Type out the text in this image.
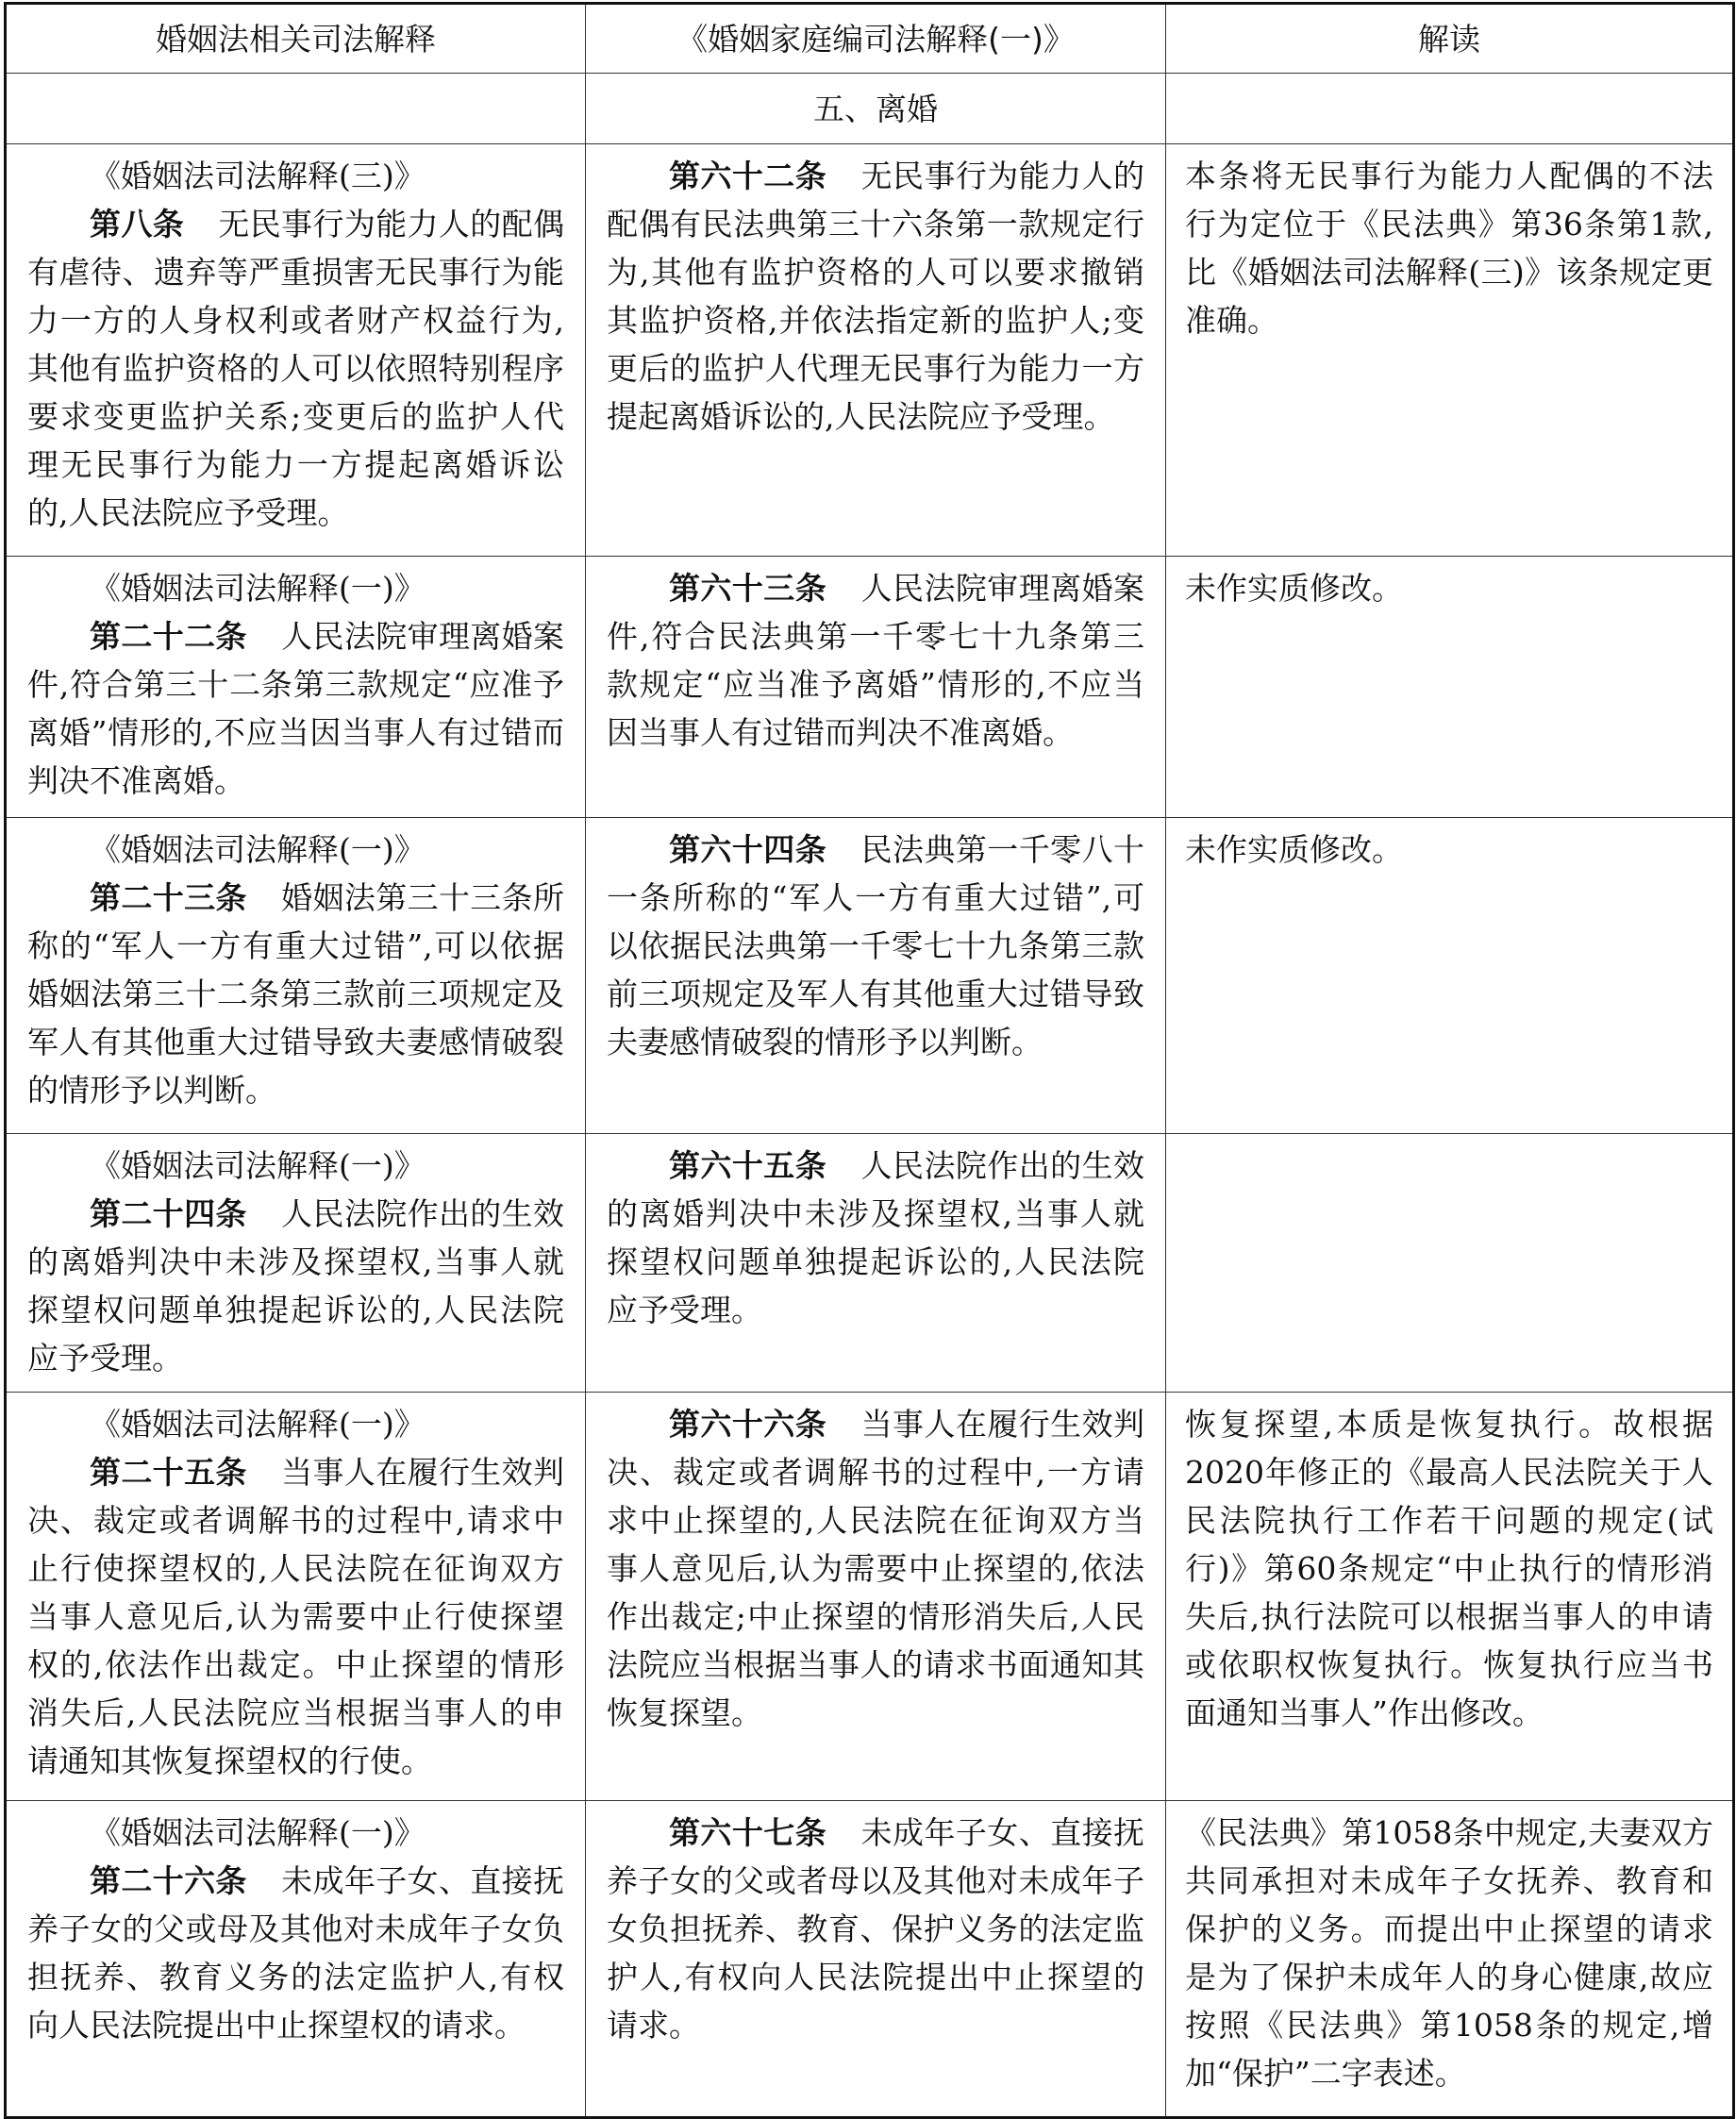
婚姻法相关司法解释	《婚姻家庭编司法解释(一)》	解读
	五、离婚	

《婚姻法司法解释(三)》

第八条 无民事行为能力人的配偶有虐待、遗弃等严重损害无民事行为能力一方的人身权利或者财产权益行为,其他有监护资格的人可以依照特别程序要求变更监护关系;变更后的监护人代理无民事行为能力一方提起离婚诉讼的,人民法院应予受理。	第六十二条 无民事行为能力人的配偶有民法典第三十六条第一款规定行为,其他有监护资格的人可以要求撤销其监护资格,并依法指定新的监护人;变更后的监护人代理无民事行为能力一方提起离婚诉讼的,人民法院应予受理。	本条将无民事行为能力人配偶的不法行为定位于《民法典》第36条第1款,比《婚姻法司法解释(三)》该条规定更准确。

《婚姻法司法解释(一)》

第二十二条 人民法院审理离婚案件,符合第三十二条第三款规定“应准予离婚”情形的,不应当因当事人有过错而判决不准离婚。	第六十三条 人民法院审理离婚案件,符合民法典第一千零七十九条第三款规定“应当准予离婚”情形的,不应当因当事人有过错而判决不准离婚。	未作实质修改。

《婚姻法司法解释(一)》

第二十三条 婚姻法第三十三条所称的“军人一方有重大过错”,可以依据婚姻法第三十二条第三款前三项规定及军人有其他重大过错导致夫妻感情破裂的情形予以判断。	第六十四条 民法典第一千零八十一条所称的“军人一方有重大过错”,可以依据民法典第一千零七十九条第三款前三项规定及军人有其他重大过错导致夫妻感情破裂的情形予以判断。	未作实质修改。

《婚姻法司法解释(一)》

第二十四条 人民法院作出的生效的离婚判决中未涉及探望权,当事人就探望权问题单独提起诉讼的,人民法院应予受理。	第六十五条 人民法院作出的生效的离婚判决中未涉及探望权,当事人就探望权问题单独提起诉讼的,人民法院应予受理。	

《婚姻法司法解释(一)》

第二十五条 当事人在履行生效判决、裁定或者调解书的过程中,请求中止行使探望权的,人民法院在征询双方当事人意见后,认为需要中止行使探望权的,依法作出裁定。中止探望的情形消失后,人民法院应当根据当事人的申请通知其恢复探望权的行使。	第六十六条 当事人在履行生效判决、裁定或者调解书的过程中,一方请求中止探望的,人民法院在征询双方当事人意见后,认为需要中止探望的,依法作出裁定;中止探望的情形消失后,人民法院应当根据当事人的请求书面通知其恢复探望。	恢复探望,本质是恢复执行。故根据2020年修正的《最高人民法院关于人民法院执行工作若干问题的规定(试行)》第60条规定“中止执行的情形消失后,执行法院可以根据当事人的申请或依职权恢复执行。恢复执行应当书面通知当事人”作出修改。

《婚姻法司法解释(一)》

第二十六条 未成年子女、直接抚养子女的父或母及其他对未成年子女负担抚养、教育义务的法定监护人,有权向人民法院提出中止探望权的请求。	第六十七条 未成年子女、直接抚养子女的父或者母以及其他对未成年子女负担抚养、教育、保护义务的法定监护人,有权向人民法院提出中止探望的请求。	《民法典》第1058条中规定,夫妻双方共同承担对未成年子女抚养、教育和保护的义务。而提出中止探望的请求是为了保护未成年人的身心健康,故应按照《民法典》第1058条的规定,增加“保护”二字表述。
